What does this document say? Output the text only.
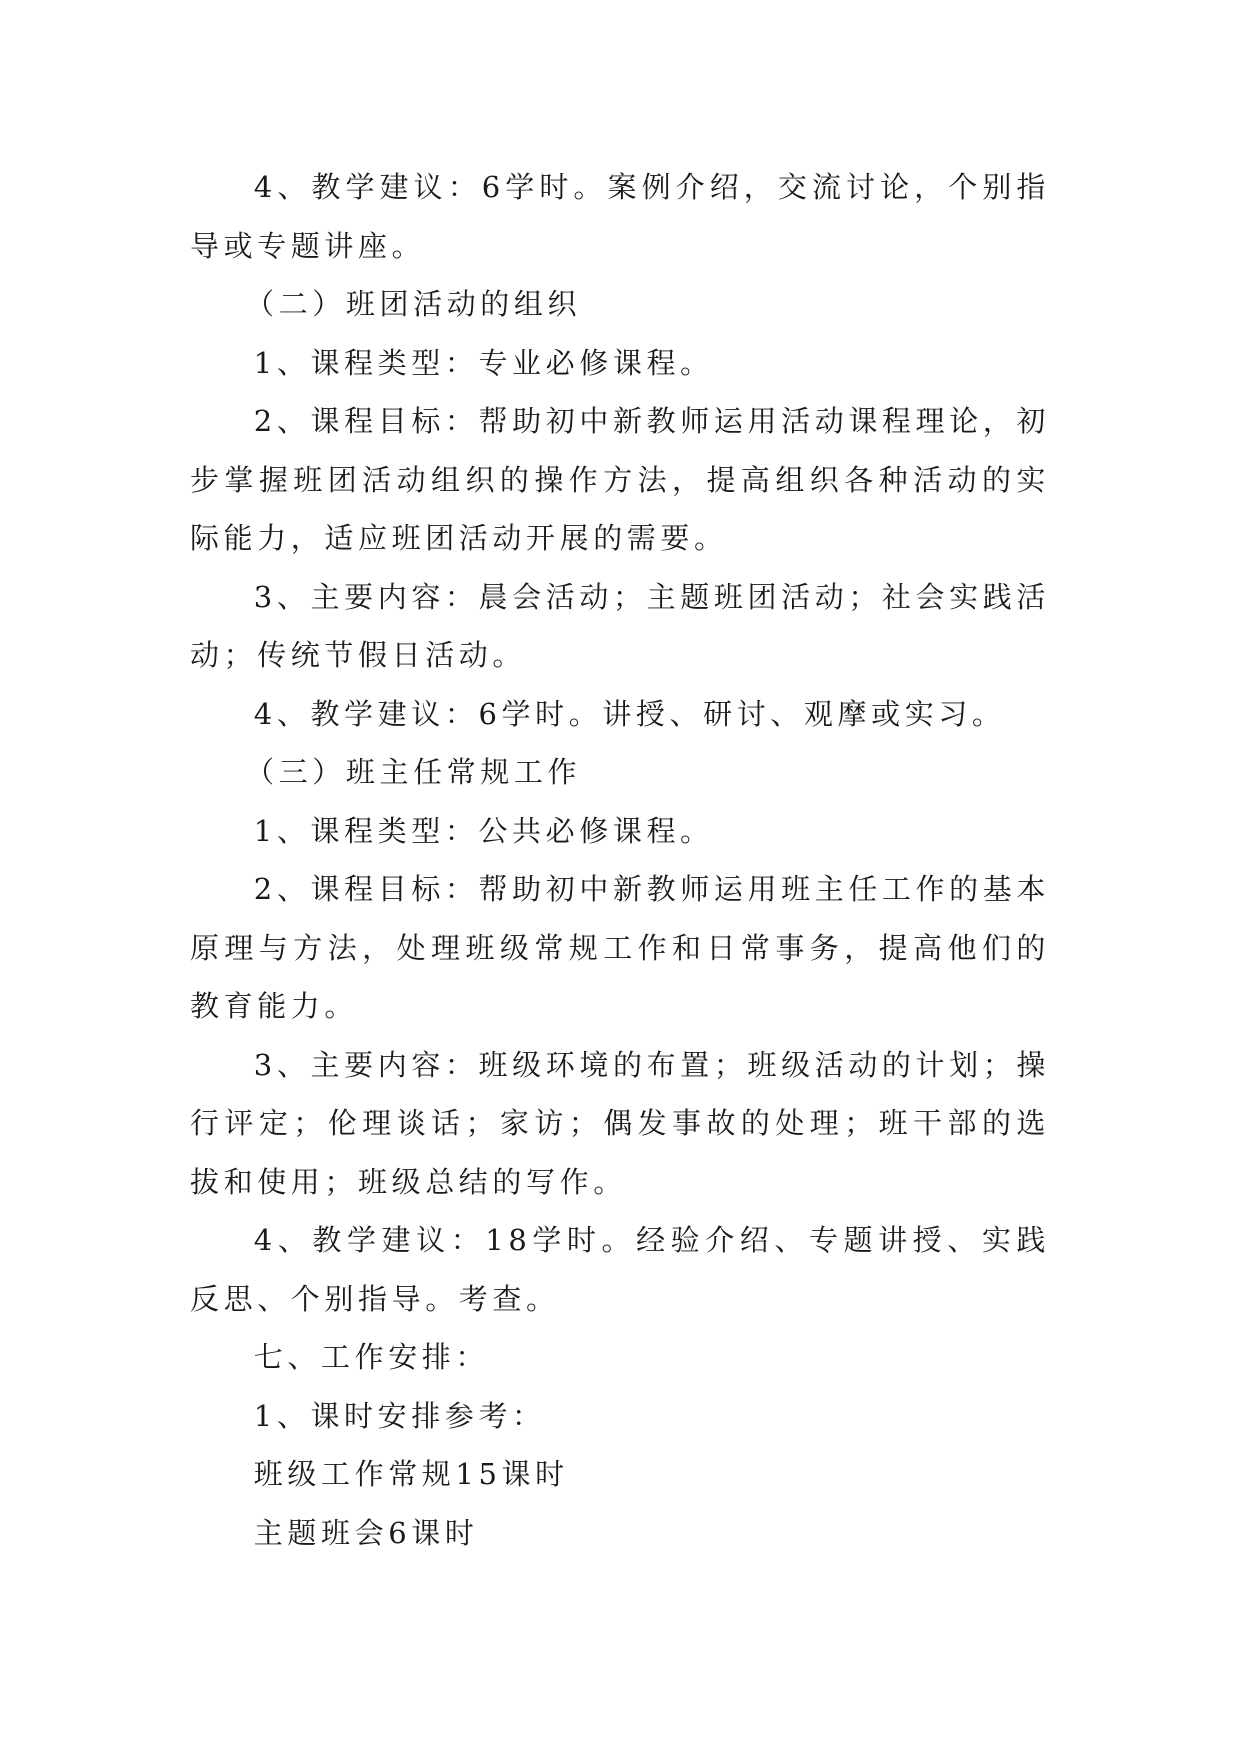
4、教学建议：6学时。案例介绍，交流讨论，个别指导或专题讲座。

（二）班团活动的组织

1、课程类型：专业必修课程。

2、课程目标：帮助初中新教师运用活动课程理论，初步掌握班团活动组织的操作方法，提高组织各种活动的实际能力，适应班团活动开展的需要。

3、主要内容：晨会活动；主题班团活动；社会实践活动；传统节假日活动。

4、教学建议：6学时。讲授、研讨、观摩或实习。

（三）班主任常规工作

1、课程类型：公共必修课程。

2、课程目标：帮助初中新教师运用班主任工作的基本原理与方法，处理班级常规工作和日常事务，提高他们的教育能力。

3、主要内容：班级环境的布置；班级活动的计划；操行评定；伦理谈话；家访；偶发事故的处理；班干部的选拔和使用；班级总结的写作。

4、教学建议：18学时。经验介绍、专题讲授、实践反思、个别指导。考查。

七、工作安排：

1、课时安排参考：

班级工作常规15课时

主题班会6课时
